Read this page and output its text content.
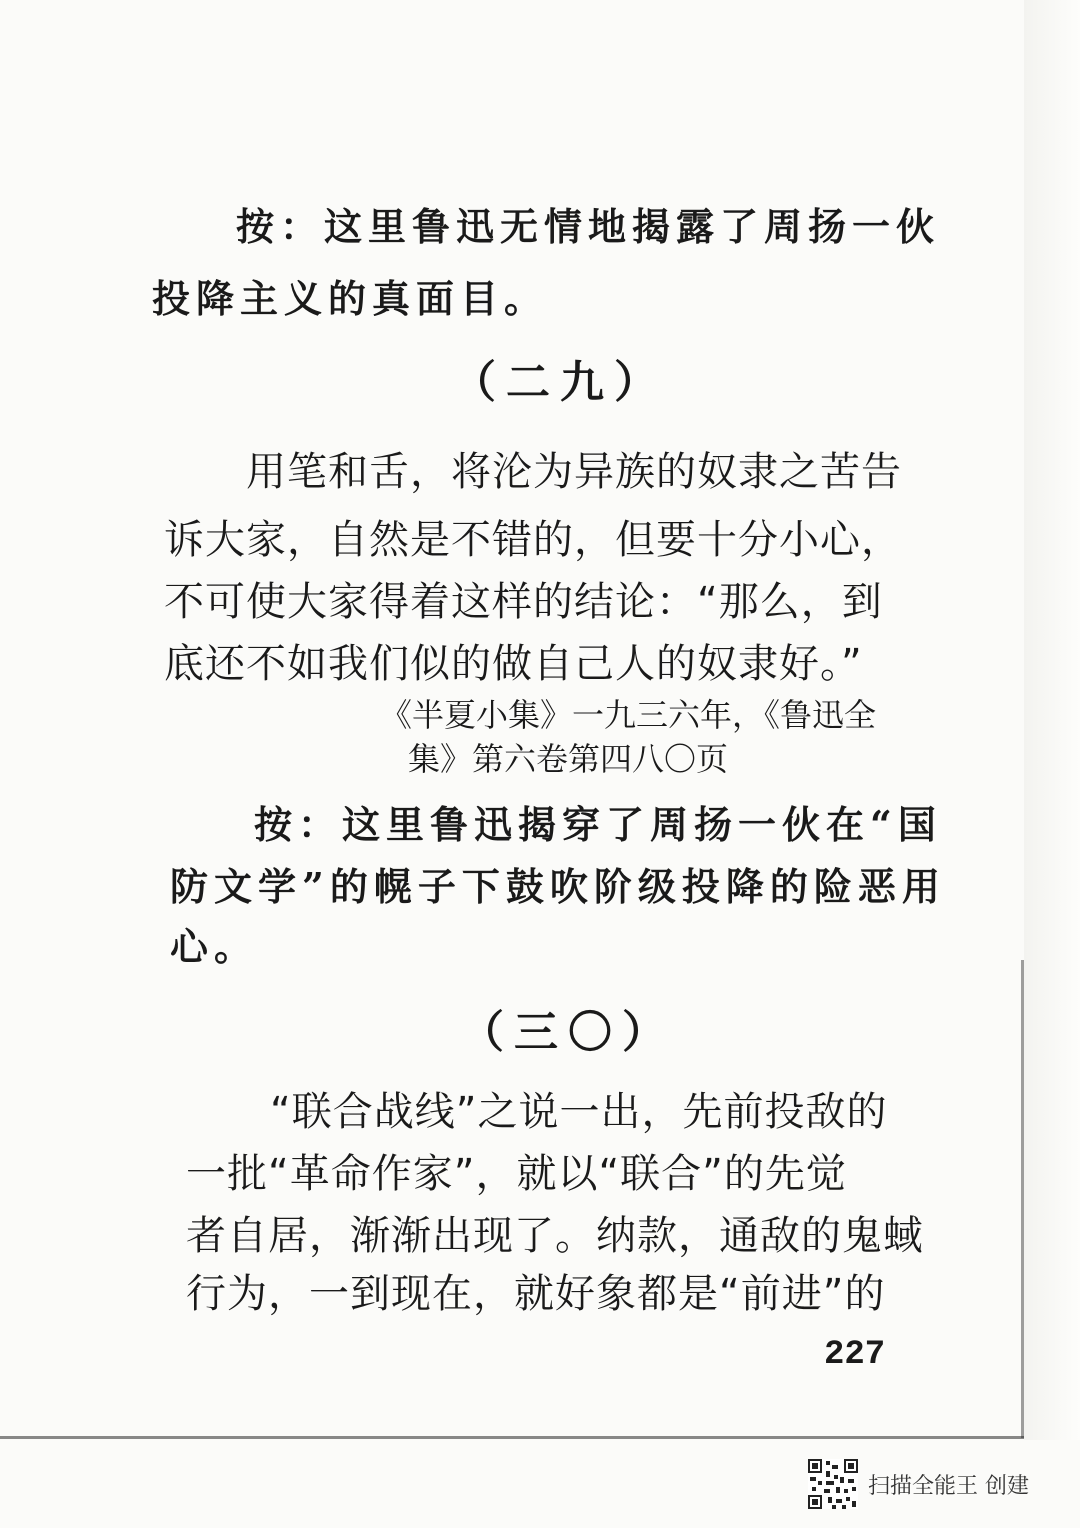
按：这里鲁迅无情地揭露了周扬一伙
投降主义的真面目。
（二九）
用笔和舌，将沦为异族的奴隶之苦告
诉大家，自然是不错的，但要十分小心，
不可使大家得着这样的结论：“那么，到
底还不如我们似的做自己人的奴隶好。”
《半夏小集》一九三六年，《鲁迅全
集》第六卷第四八〇页
按：这里鲁迅揭穿了周扬一伙在“国
防文学”的幌子下鼓吹阶级投降的险恶用
心。
（三〇）
“联合战线”之说一出，先前投敌的
一批“革命作家”，就以“联合”的先觉
者自居，渐渐出现了。纳款，通敌的鬼蜮
行为，一到现在，就好象都是“前进”的
227
扫描全能王 创建
